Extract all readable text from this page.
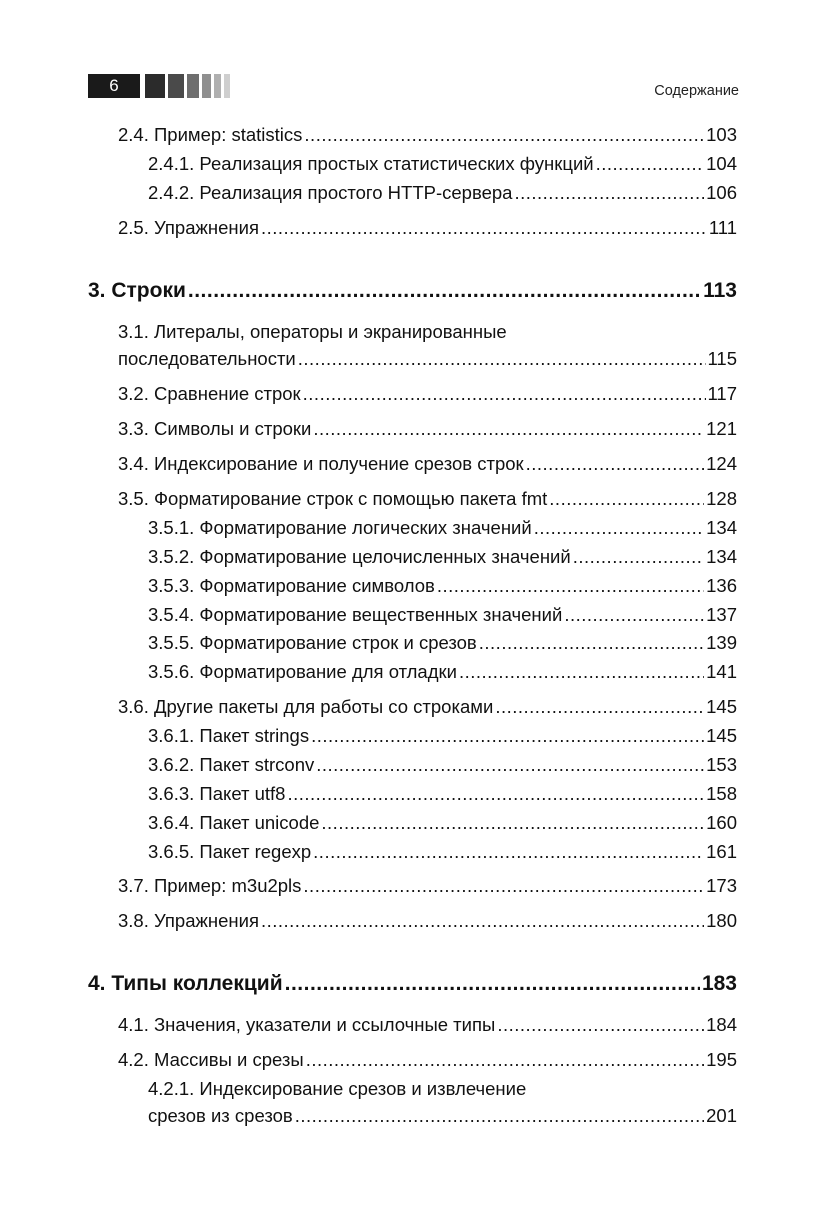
6	Содержание
2.4. Пример: statistics .....	103
2.4.1. Реализация простых статистических функций .....	104
2.4.2. Реализация простого HTTP-сервера .....	106
2.5. Упражнения .....	111
3. Строки .....	113
3.1. Литералы, операторы и экранированные
последовательности .....	115
3.2. Сравнение строк .....	117
3.3. Символы и строки .....	121
3.4. Индексирование и получение срезов строк .....	124
3.5. Форматирование строк с помощью пакета fmt .....	128
3.5.1. Форматирование логических значений .....	134
3.5.2. Форматирование целочисленных значений .....	134
3.5.3. Форматирование символов .....	136
3.5.4. Форматирование вещественных значений .....	137
3.5.5. Форматирование строк и срезов .....	139
3.5.6. Форматирование для отладки .....	141
3.6. Другие пакеты для работы со строками .....	145
3.6.1. Пакет strings .....	145
3.6.2. Пакет strconv .....	153
3.6.3. Пакет utf8 .....	158
3.6.4. Пакет unicode .....	160
3.6.5. Пакет regexp .....	161
3.7. Пример: m3u2pls .....	173
3.8. Упражнения .....	180
4. Типы коллекций .....	183
4.1. Значения, указатели и ссылочные типы .....	184
4.2. Массивы и срезы .....	195
4.2.1. Индексирование срезов и извлечение
срезов из срезов .....	201
